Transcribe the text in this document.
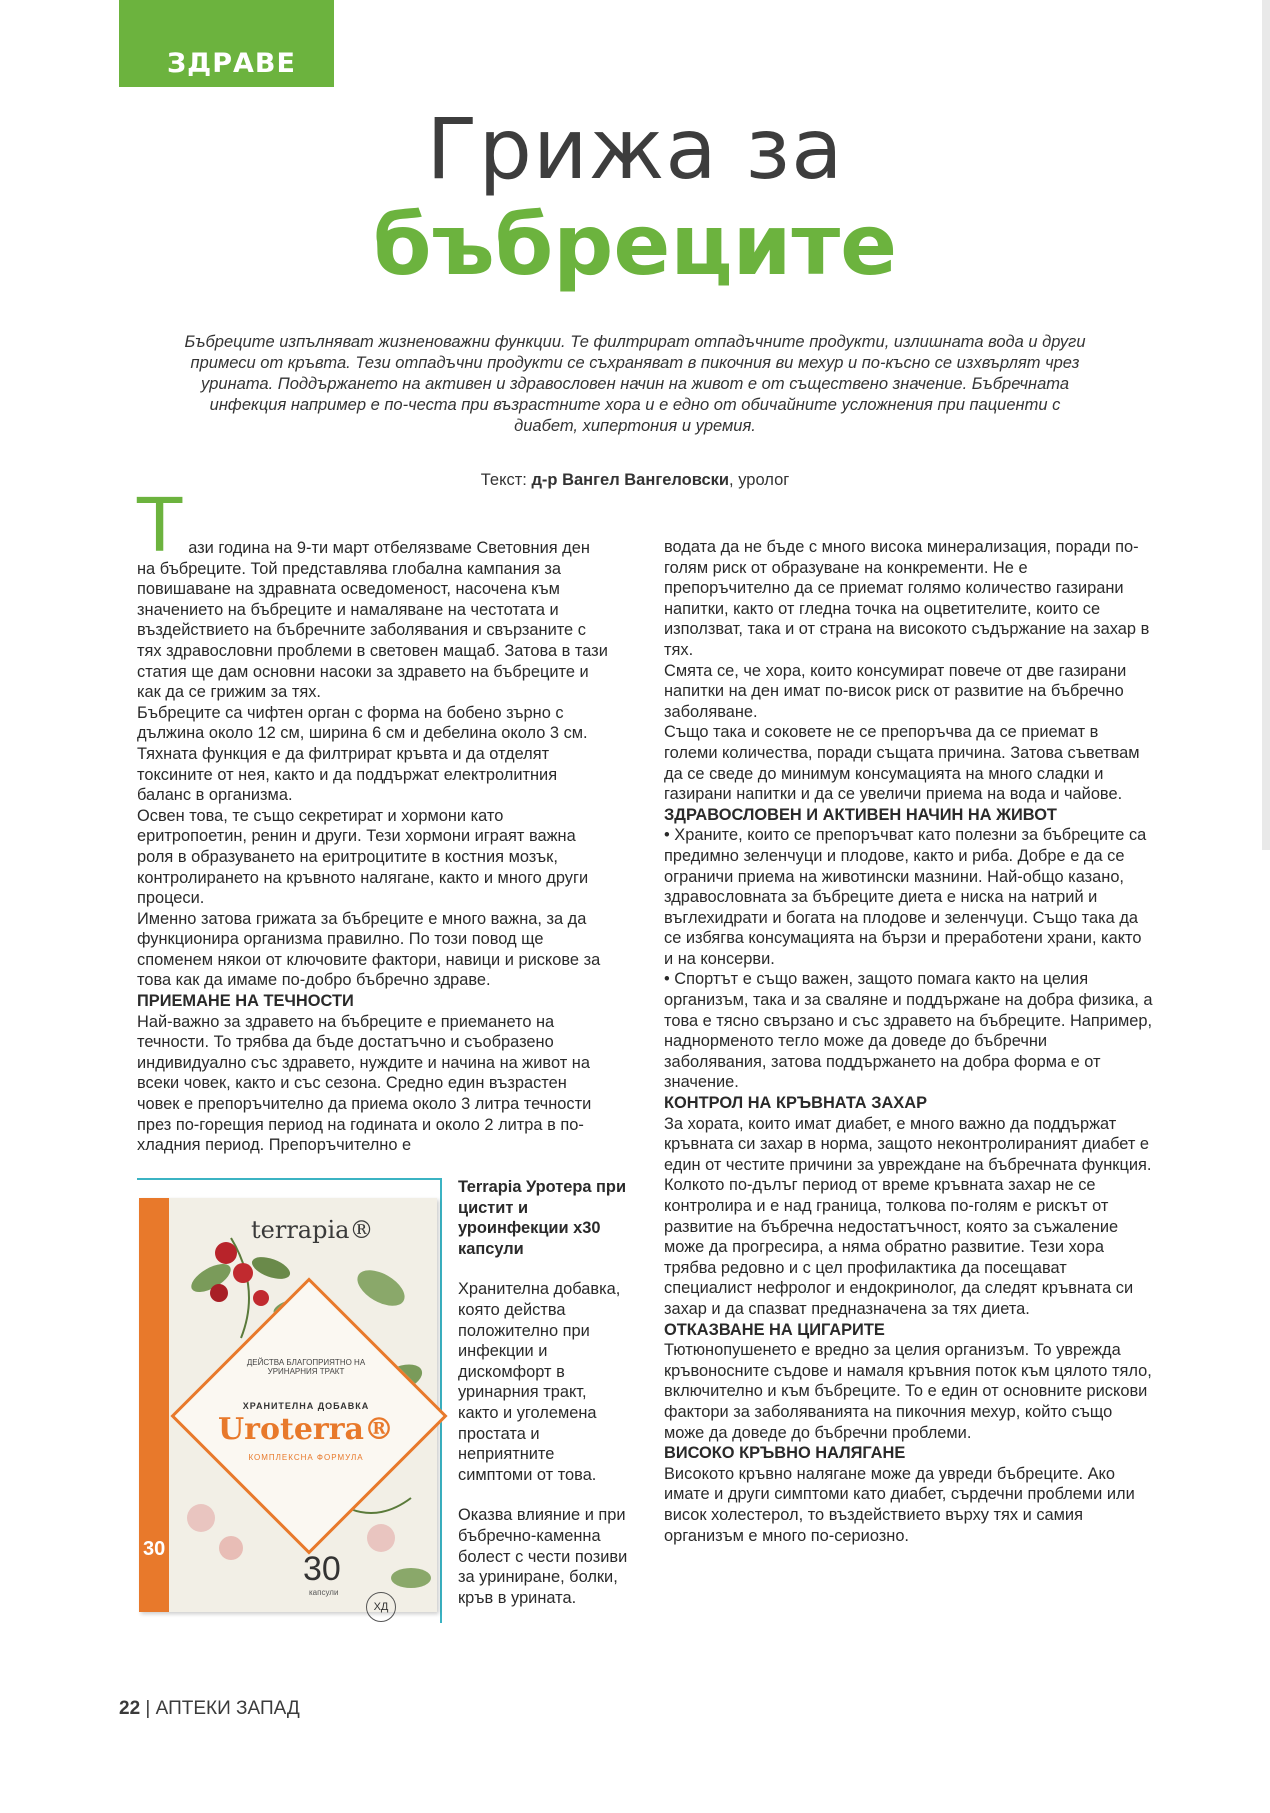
ЗДРАВЕ
Грижа за
бъбреците
Бъбреците изпълняват жизненоважни функции. Те филтрират отпадъчните продукти, излишната вода и други примеси от кръвта. Тези отпадъчни продукти се съхраняват в пикочния ви мехур и по-късно се изхвърлят чрез урината. Поддържането на активен и здравословен начин на живот е от съществено значение. Бъбречната инфекция например е по-честа при възрастните хора и е едно от обичайните усложнения при пациенти с диабет, хипертония и уремия.
Текст: д-р Вангел Вангеловски, уролог
Т ази година на 9-ти март отбелязваме Световния ден на бъбреците. Той представлява глобална кампания за повишаване на здравната осведоменост, насочена към значението на бъбреците и намаляване на честотата и въздействието на бъбречните заболявания и свързаните с тях здравословни проблеми в световен мащаб. Затова в тази статия ще дам основни насоки за здравето на бъбреците и как да се грижим за тях.

Бъбреците са чифтен орган с форма на бобено зърно с дължина около 12 см, ширина 6 см и дебелина около 3 см. Тяхната функция е да филтрират кръвта и да отделят токсините от нея, както и да поддържат електролитния баланс в организма.

Освен това, те също секретират и хормони като еритропоетин, ренин и други. Тези хормони играят важна роля в образуването на еритроцитите в костния мозък, контролирането на кръвното налягане, както и много други процеси.

Именно затова грижата за бъбреците е много важна, за да функционира организма правилно. По този повод ще споменем някои от ключовите фактори, навици и рискове за това как да имаме по-добро бъбречно здраве.

ПРИЕМАНЕ НА ТЕЧНОСТИ

Най-важно за здравето на бъбреците е приемането на течности. То трябва да бъде достатъчно и съобразено индивидуално със здравето, нуждите и начина на живот на всеки човек, както и със сезона. Средно един възрастен човек е препоръчително да приема около 3 литра течности през по-горещия период на годината и около 2 литра в по-хладния период. Препоръчително е

водата да не бъде с много висока минерализация, поради по-голям риск от образуване на конкременти. Не е препоръчително да се приемат голямо количество газирани напитки, както от гледна точка на оцветителите, които се използват, така и от страна на високото съдържание на захар в тях.

Смята се, че хора, които консумират повече от две газирани напитки на ден имат по-висок риск от развитие на бъбречно заболяване.

Също така и соковете не се препоръчва да се приемат в големи количества, поради същата причина. Затова съветвам да се сведе до минимум консумацията на много сладки и газирани напитки и да се увеличи приема на вода и чайове.

ЗДРАВОСЛОВЕН И АКТИВЕН НАЧИН НА ЖИВОТ

• Храните, които се препоръчват като полезни за бъбреците са предимно зеленчуци и плодове, както и риба. Добре е да се ограничи приема на животински мазнини. Най-общо казано, здравословната за бъбреците диета е ниска на натрий и въглехидрати и богата на плодове и зеленчуци. Също така да се избягва консумацията на бързи и преработени храни, както и на консерви.

• Спортът е също важен, защото помага както на целия организъм, така и за сваляне и поддържане на добра физика, а това е тясно свързано и със здравето на бъбреците. Например, наднорменото тегло може да доведе до бъбречни заболявания, затова поддържането на добра форма е от значение.

КОНТРОЛ НА КРЪВНАТА ЗАХАР

За хората, които имат диабет, е много важно да поддържат кръвната си захар в норма, защото неконтролираният диабет е един от честите причини за увреждане на бъбречната функция.

Колкото по-дълъг период от време кръвната захар не се контролира и е над граница, толкова по-голям е рискът от развитие на бъбречна недостатъчност, която за съжаление може да прогресира, а няма обратно развитие. Тези хора трябва редовно и с цел профилактика да посещават специалист нефролог и ендокринолог, да следят кръвната си захар и да спазват предназначена за тях диета.

ОТКАЗВАНЕ НА ЦИГАРИТЕ

Тютюнопушенето е вредно за целия организъм. То уврежда кръвоносните съдове и намаля кръвния поток към цялото тяло, включително и към бъбреците. То е един от основните рискови фактори за заболяванията на пикочния мехур, който също може да доведе до бъбречни проблеми.

ВИСОКО КРЪВНО НАЛЯГАНЕ

Високото кръвно налягане може да увреди бъбреците. Ако имате и други симптоми като диабет, сърдечни проблеми или висок холестерол, то въздействието върху тях и самия организъм е много по-сериозно.

30
terrapia®
ДЕЙСТВА БЛАГОПРИЯТНО НА УРИНАРНИЯ ТРАКТ
ХРАНИТЕЛНА ДОБАВКА
Uroterra®
КОМПЛЕКСНА ФОРМУЛА
30
капсули
ХД

Terrapia Уротера при цистит и уроинфекции х30 капсули

Хранителна добавка, която действа положително при инфекции и дискомфорт в уринарния тракт, както и уголемена простата и неприятните симптоми от това.

Оказва влияние и при бъбречно-каменна болест с чести позиви за уриниране, болки, кръв в урината.

22 | АПТЕКИ ЗАПАД
